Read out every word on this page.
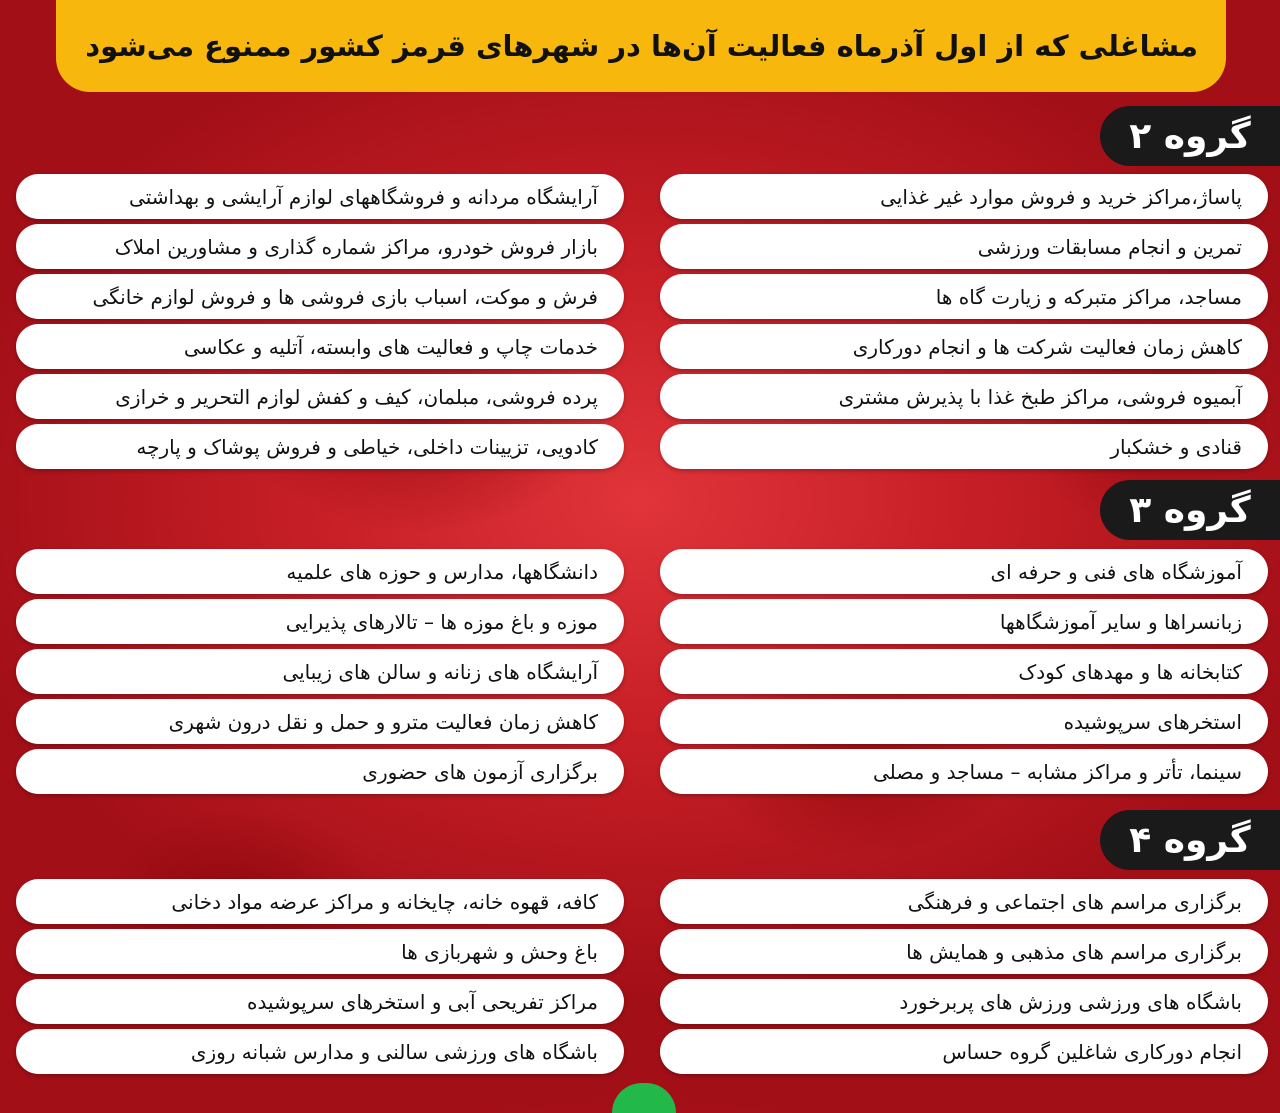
مشاغلی که از اول آذرماه فعالیت آن‌ها در شهرهای قرمز کشور ممنوع می‌شود
گروه ۲
پاساژ،مراکز خرید و فروش موارد غیر غذایی
تمرین و انجام مسابقات ورزشی
مساجد، مراکز متبرکه و زیارت گاه ها
کاهش زمان فعالیت شرکت ها و انجام دورکاری
آبمیوه فروشی، مراکز طبخ غذا با پذیرش مشتری
قنادی و خشکبار
آرایشگاه مردانه و فروشگاههای لوازم آرایشی و بهداشتی
بازار فروش خودرو، مراکز شماره گذاری و مشاورین املاک
فرش و موکت، اسباب بازی فروشی ها و فروش لوازم خانگی
خدمات چاپ و فعالیت های وابسته، آتلیه و عکاسی
پرده فروشی، مبلمان، کیف و کفش لوازم التحریر و خرازی
کادویی، تزیینات داخلی، خیاطی و فروش پوشاک و پارچه
گروه ۳
آموزشگاه های فنی و حرفه ای
زبانسراها و سایر آموزشگاهها
کتابخانه ها و مهدهای کودک
استخرهای سرپوشیده
سینما، تأتر و مراکز مشابه – مساجد و مصلی
دانشگاهها، مدارس و حوزه های علمیه
موزه و باغ موزه ها – تالارهای پذیرایی
آرایشگاه های زنانه و سالن های زیبایی
کاهش زمان فعالیت مترو و حمل و نقل درون شهری
برگزاری آزمون های حضوری
گروه ۴
برگزاری مراسم های اجتماعی و فرهنگی
برگزاری مراسم های مذهبی و همایش ها
باشگاه های ورزشی ورزش های پربرخورد
انجام دورکاری شاغلین گروه حساس
کافه، قهوه خانه، چایخانه و مراکز عرضه مواد دخانی
باغ وحش و شهربازی ها
مراکز تفریحی آبی و استخرهای سرپوشیده
باشگاه های ورزشی سالنی و مدارس شبانه روزی
